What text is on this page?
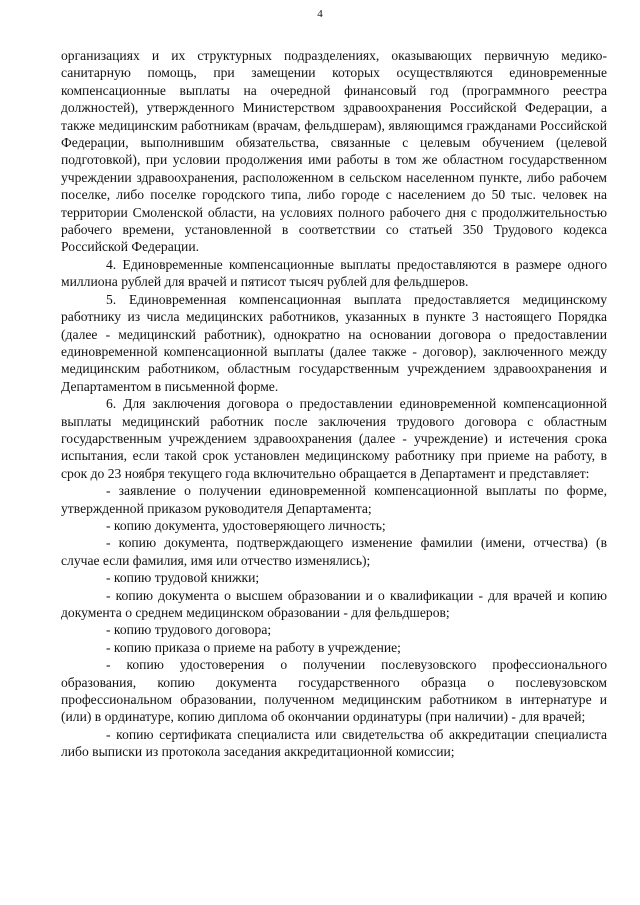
4

организациях и их структурных подразделениях, оказывающих первичную медико-санитарную помощь, при замещении которых осуществляются единовременные компенсационные выплаты на очередной финансовый год (программного реестра должностей), утвержденного Министерством здравоохранения Российской Федерации, а также медицинским работникам (врачам, фельдшерам), являющимся гражданами Российской Федерации, выполнившим обязательства, связанные с целевым обучением (целевой подготовкой), при условии продолжения ими работы в том же областном государственном учреждении здравоохранения, расположенном в сельском населенном пункте, либо рабочем поселке, либо поселке городского типа, либо городе с населением до 50 тыс. человек на территории Смоленской области, на условиях полного рабочего дня с продолжительностью рабочего времени, установленной в соответствии со статьей 350 Трудового кодекса Российской Федерации.

4. Единовременные компенсационные выплаты предоставляются в размере одного миллиона рублей для врачей и пятисот тысяч рублей для фельдшеров.

5. Единовременная компенсационная выплата предоставляется медицинскому работнику из числа медицинских работников, указанных в пункте 3 настоящего Порядка (далее - медицинский работник), однократно на основании договора о предоставлении единовременной компенсационной выплаты (далее также - договор), заключенного между медицинским работником, областным государственным учреждением здравоохранения и Департаментом в письменной форме.

6. Для заключения договора о предоставлении единовременной компенсационной выплаты медицинский работник после заключения трудового договора с областным государственным учреждением здравоохранения (далее - учреждение) и истечения срока испытания, если такой срок установлен медицинскому работнику при приеме на работу, в срок до 23 ноября текущего года включительно обращается в Департамент и представляет:

- заявление о получении единовременной компенсационной выплаты по форме, утвержденной приказом руководителя Департамента;

- копию документа, удостоверяющего личность;

- копию документа, подтверждающего изменение фамилии (имени, отчества) (в случае если фамилия, имя или отчество изменялись);

- копию трудовой книжки;

- копию документа о высшем образовании и о квалификации - для врачей и копию документа о среднем медицинском образовании - для фельдшеров;

- копию трудового договора;

- копию приказа о приеме на работу в учреждение;

- копию удостоверения о получении послевузовского профессионального образования, копию документа государственного образца о послевузовском профессиональном образовании, полученном медицинским работником в интернатуре и (или) в ординатуре, копию диплома об окончании ординатуры (при наличии) - для врачей;

- копию сертификата специалиста или свидетельства об аккредитации специалиста либо выписки из протокола заседания аккредитационной комиссии;
